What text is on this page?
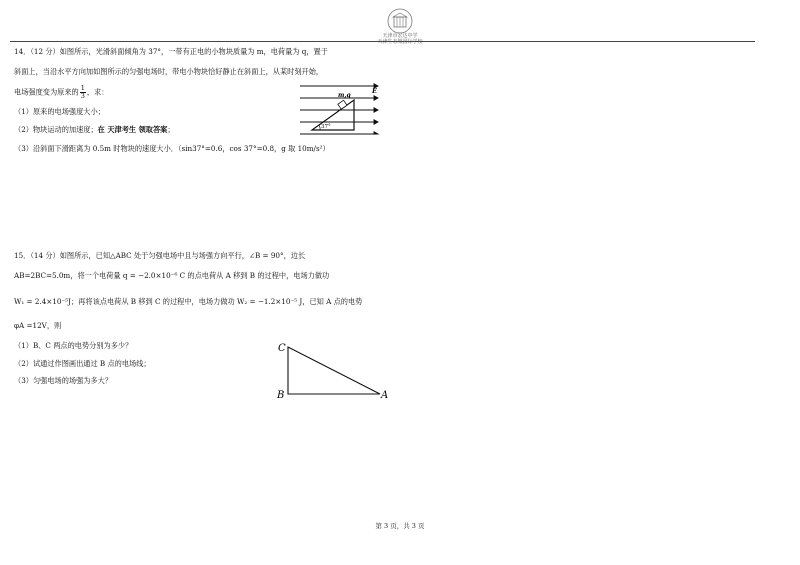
天津市宏达中学
天津生态城国际学校
14．（12 分）如图所示，光滑斜面倾角为 37°，一带有正电的小物块质量为 m，电荷量为 q，置于
斜面上，当沿水平方向加如图所示的匀强电场时，带电小物块恰好静止在斜面上，从某时刻开始，
电场强度变为原来的 $\frac{1}{3}$ ，求：
（1）原来的电场强度大小；
（2）物块运动的加速度；在 天津考生 领取答案；
（3）沿斜面下滑距离为 0.5m 时物块的速度大小．（sin37°=0.6，cos 37°=0.8，g 取 10m/s²）
m,q
E
37°
15．（14 分）如图所示，已知△ABC 处于匀强电场中且与场强方向平行，∠B = 90°，边长
AB=2BC=5.0m，将一个电荷量 q = −2.0×10⁻⁶ C 的点电荷从 A 移到 B 的过程中，电场力做功
W₁ = 2.4×10⁻⁵J；再将该点电荷从 B 移到 C 的过程中，电场力做功 W₂ = −1.2×10⁻⁵ J，已知 A 点的电势
φA =12V，则
（1）B、C 两点的电势分别为多少？
（2）试通过作图画出通过 B 点的电场线；
（3）匀强电场的场强为多大？
C
B	A
第 3 页，共 3 页
